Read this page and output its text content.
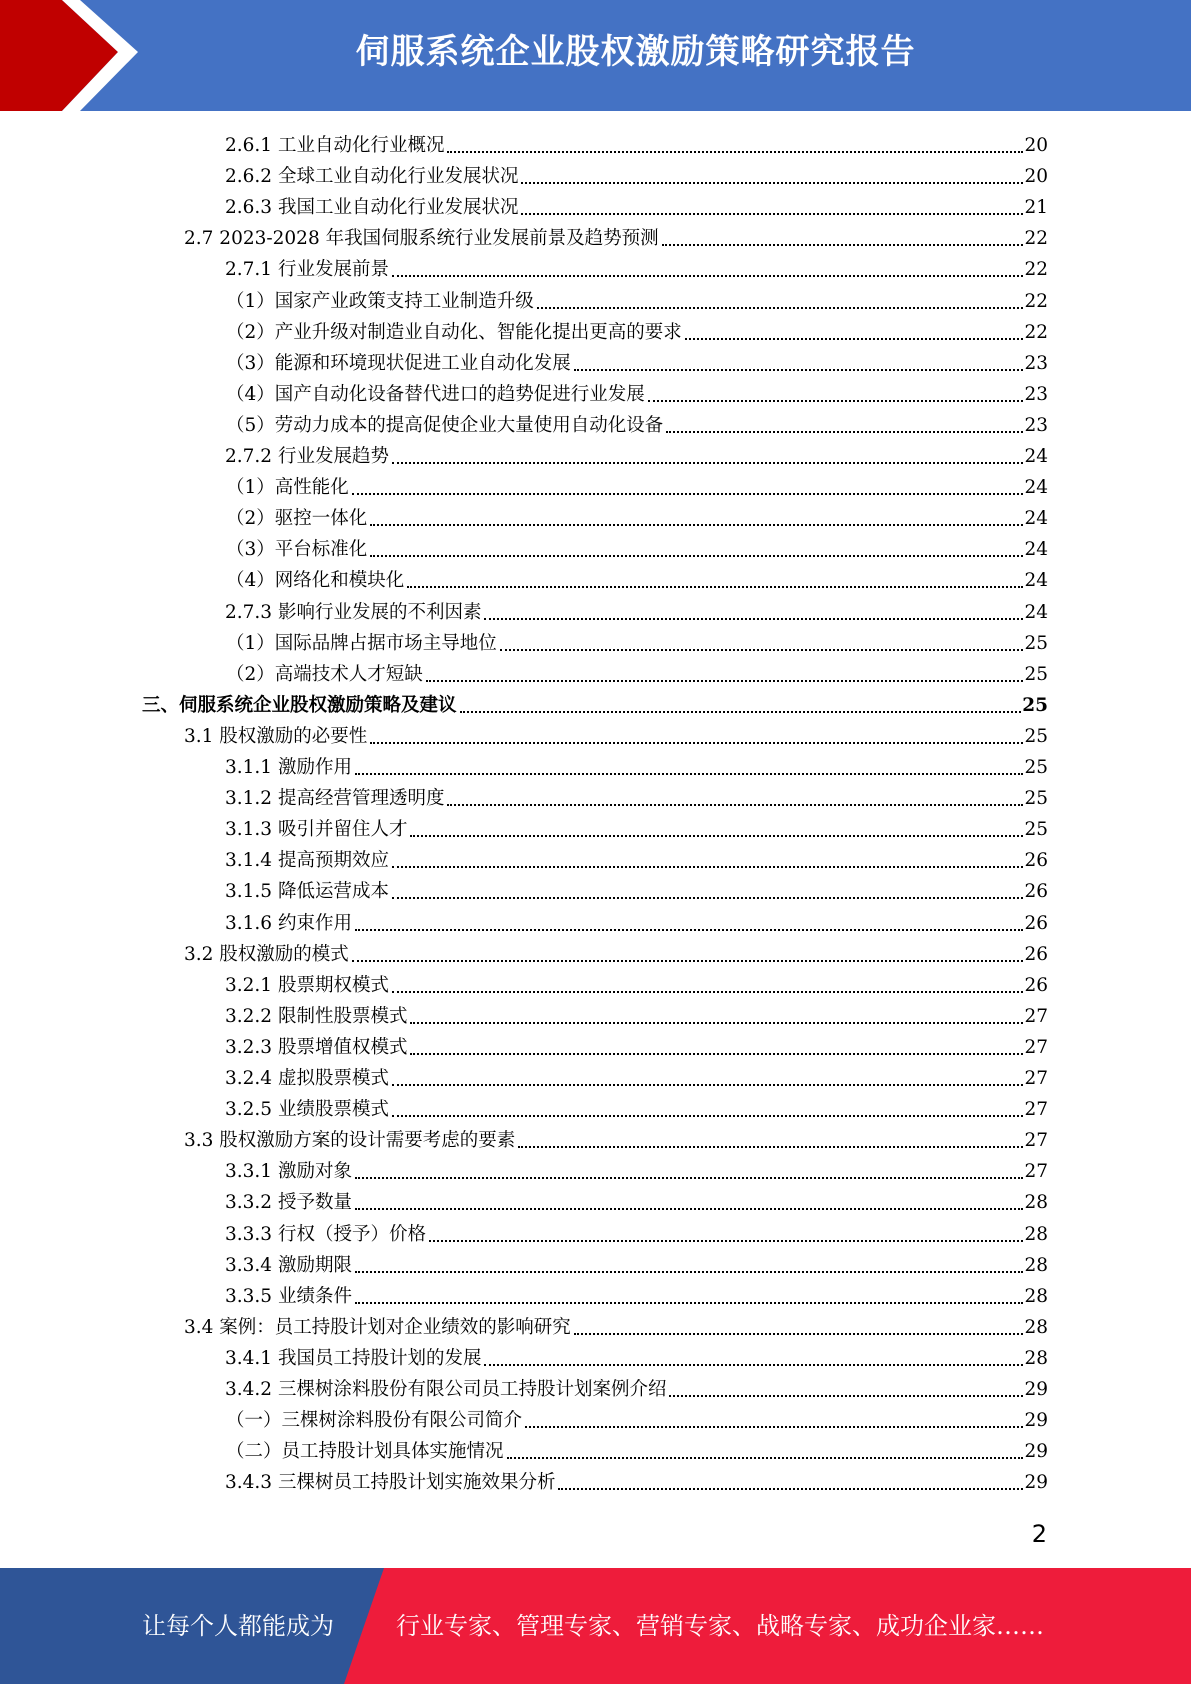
伺服系统企业股权激励策略研究报告
2.6.1 工业自动化行业概况	20
2.6.2 全球工业自动化行业发展状况	20
2.6.3 我国工业自动化行业发展状况	21
2.7 2023-2028 年我国伺服系统行业发展前景及趋势预测	22
2.7.1 行业发展前景	22
（1）国家产业政策支持工业制造升级	22
（2）产业升级对制造业自动化、智能化提出更高的要求	22
（3）能源和环境现状促进工业自动化发展	23
（4）国产自动化设备替代进口的趋势促进行业发展	23
（5）劳动力成本的提高促使企业大量使用自动化设备	23
2.7.2 行业发展趋势	24
（1）高性能化	24
（2）驱控一体化	24
（3）平台标准化	24
（4）网络化和模块化	24
2.7.3 影响行业发展的不利因素	24
（1）国际品牌占据市场主导地位	25
（2）高端技术人才短缺	25
三、伺服系统企业股权激励策略及建议	25
3.1 股权激励的必要性	25
3.1.1 激励作用	25
3.1.2 提高经营管理透明度	25
3.1.3 吸引并留住人才	25
3.1.4 提高预期效应	26
3.1.5 降低运营成本	26
3.1.6 约束作用	26
3.2 股权激励的模式	26
3.2.1 股票期权模式	26
3.2.2 限制性股票模式	27
3.2.3 股票增值权模式	27
3.2.4 虚拟股票模式	27
3.2.5 业绩股票模式	27
3.3 股权激励方案的设计需要考虑的要素	27
3.3.1 激励对象	27
3.3.2 授予数量	28
3.3.3 行权（授予）价格	28
3.3.4 激励期限	28
3.3.5 业绩条件	28
3.4 案例：员工持股计划对企业绩效的影响研究	28
3.4.1 我国员工持股计划的发展	28
3.4.2 三棵树涂料股份有限公司员工持股计划案例介绍	29
（一）三棵树涂料股份有限公司简介	29
（二）员工持股计划具体实施情况	29
3.4.3 三棵树员工持股计划实施效果分析	29
2
让每个人都能成为	行业专家、管理专家、营销专家、战略专家、成功企业家……
